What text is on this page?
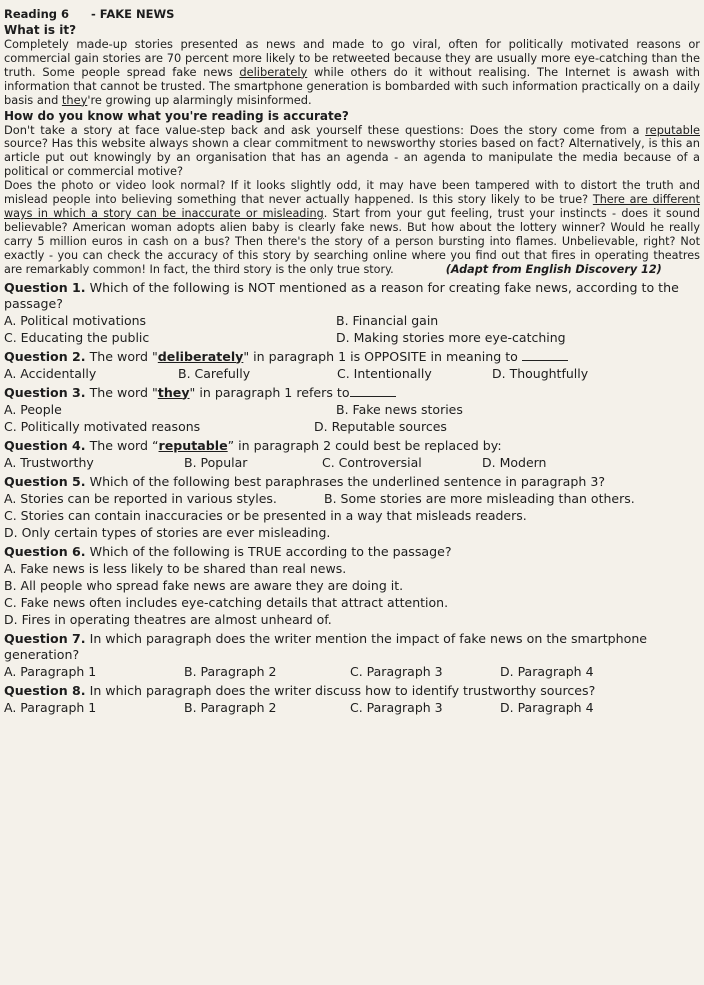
Reading 6 - FAKE NEWS
What is it?

Completely made-up stories presented as news and made to go viral, often for politically motivated reasons or commercial gain stories are 70 percent more likely to be retweeted because they are usually more eye-catching than the truth. Some people spread fake news deliberately while others do it without realising. The Internet is awash with information that cannot be trusted. The smartphone generation is bombarded with such information practically on a daily basis and they're growing up alarmingly misinformed.

How do you know what you're reading is accurate?

Don't take a story at face value-step back and ask yourself these questions: Does the story come from a reputable source? Has this website always shown a clear commitment to newsworthy stories based on fact? Alternatively, is this an article put out knowingly by an organisation that has an agenda - an agenda to manipulate the media because of a political or commercial motive?

Does the photo or video look normal? If it looks slightly odd, it may have been tampered with to distort the truth and mislead people into believing something that never actually happened. Is this story likely to be true? There are different ways in which a story can be inaccurate or misleading. Start from your gut feeling, trust your instincts - does it sound believable? American woman adopts alien baby is clearly fake news. But how about the lottery winner? Would he really carry 5 million euros in cash on a bus? Then there's the story of a person bursting into flames. Unbelievable, right? Not exactly - you can check the accuracy of this story by searching online where you find out that fires in operating theatres are remarkably common! In fact, the third story is the only true story.	(Adapt from English Discovery 12)

Question 1. Which of the following is NOT mentioned as a reason for creating fake news, according to the passage?
A. Political motivations	B. Financial gain
C. Educating the public	D. Making stories more eye-catching
Question 2. The word "deliberately" in paragraph 1 is OPPOSITE in meaning to
A. Accidentally	B. Carefully	C. Intentionally	D. Thoughtfully
Question 3. The word "they" in paragraph 1 refers to
A. People	B. Fake news stories
C. Politically motivated reasons	D. Reputable sources
Question 4. The word “reputable” in paragraph 2 could best be replaced by:
A. Trustworthy	B. Popular	C. Controversial	D. Modern
Question 5. Which of the following best paraphrases the underlined sentence in paragraph 3?
A. Stories can be reported in various styles.	B. Some stories are more misleading than others.
C. Stories can contain inaccuracies or be presented in a way that misleads readers.
D. Only certain types of stories are ever misleading.
Question 6. Which of the following is TRUE according to the passage?
A. Fake news is less likely to be shared than real news.
B. All people who spread fake news are aware they are doing it.
C. Fake news often includes eye-catching details that attract attention.
D. Fires in operating theatres are almost unheard of.
Question 7. In which paragraph does the writer mention the impact of fake news on the smartphone generation?
A. Paragraph 1	B. Paragraph 2	C. Paragraph 3	D. Paragraph 4
Question 8. In which paragraph does the writer discuss how to identify trustworthy sources?
A. Paragraph 1	B. Paragraph 2	C. Paragraph 3	D. Paragraph 4
